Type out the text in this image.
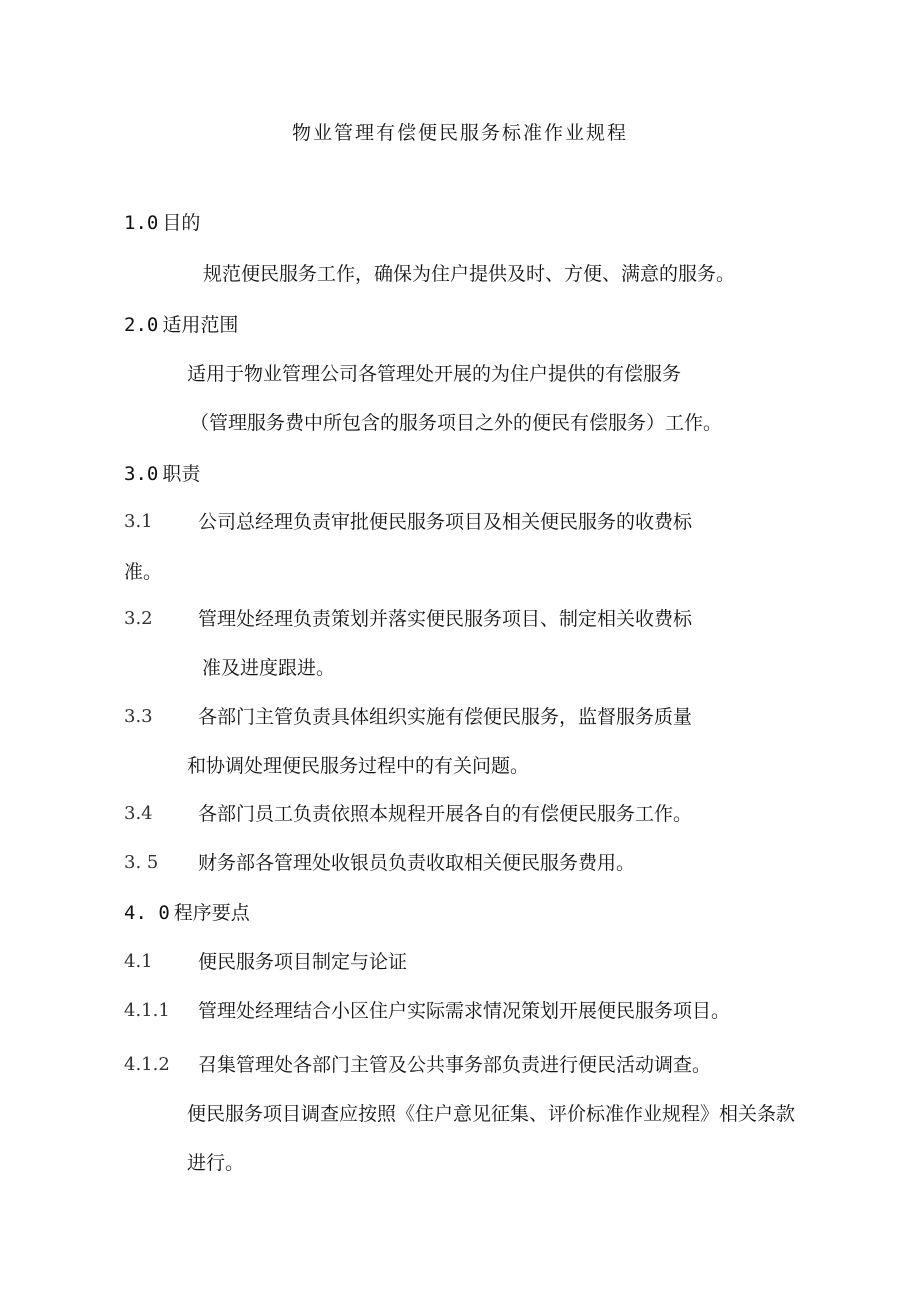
物业管理有偿便民服务标准作业规程
1.0 目的
规范便民服务工作，确保为住户提供及时、方便、满意的服务。
2.0 适用范围
适用于物业管理公司各管理处开展的为住户提供的有偿服务
（管理服务费中所包含的服务项目之外的便民有偿服务）工作。
3.0 职责
3.1 公司总经理负责审批便民服务项目及相关便民服务的收费标
准。
3.2 管理处经理负责策划并落实便民服务项目、制定相关收费标
准及进度跟进。
3.3 各部门主管负责具体组织实施有偿便民服务，监督服务质量
和协调处理便民服务过程中的有关问题。
3.4 各部门员工负责依照本规程开展各自的有偿便民服务工作。
3. 5 财务部各管理处收银员负责收取相关便民服务费用。
4. 0 程序要点
4.1 便民服务项目制定与论证
4.1.1 管理处经理结合小区住户实际需求情况策划开展便民服务项目。
4.1.2 召集管理处各部门主管及公共事务部负责进行便民活动调查。
便民服务项目调查应按照《住户意见征集、评价标准作业规程》相关条款
进行。
